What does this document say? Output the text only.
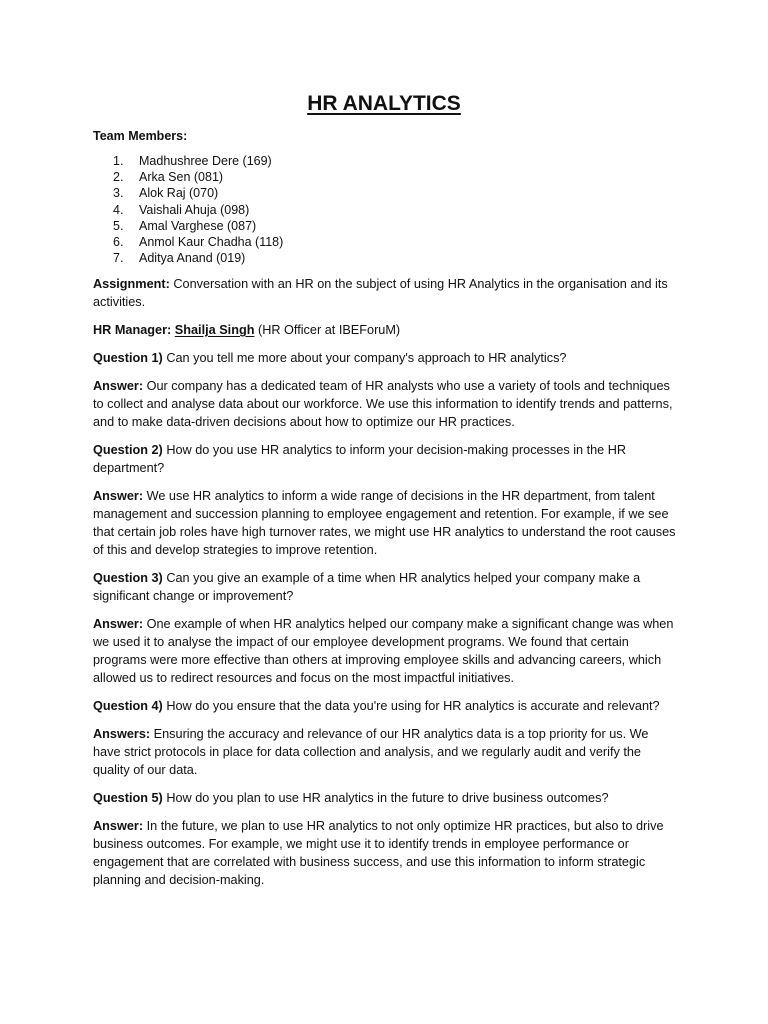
HR ANALYTICS
Team Members:
1.	Madhushree Dere (169)
2.	Arka Sen (081)
3.	Alok Raj (070)
4.	Vaishali Ahuja (098)
5.	Amal Varghese (087)
6.	Anmol Kaur Chadha (118)
7.	Aditya Anand (019)

Assignment: Conversation with an HR on the subject of using HR Analytics in the organisation and its activities.

HR Manager: Shailja Singh (HR Officer at IBEForuM)

Question 1) Can you tell me more about your company's approach to HR analytics?

Answer: Our company has a dedicated team of HR analysts who use a variety of tools and techniques to collect and analyse data about our workforce. We use this information to identify trends and patterns, and to make data-driven decisions about how to optimize our HR practices.

Question 2) How do you use HR analytics to inform your decision-making processes in the HR department?

Answer: We use HR analytics to inform a wide range of decisions in the HR department, from talent management and succession planning to employee engagement and retention. For example, if we see that certain job roles have high turnover rates, we might use HR analytics to understand the root causes of this and develop strategies to improve retention.

Question 3) Can you give an example of a time when HR analytics helped your company make a significant change or improvement?

Answer: One example of when HR analytics helped our company make a significant change was when we used it to analyse the impact of our employee development programs. We found that certain programs were more effective than others at improving employee skills and advancing careers, which allowed us to redirect resources and focus on the most impactful initiatives.

Question 4) How do you ensure that the data you're using for HR analytics is accurate and relevant?

Answers: Ensuring the accuracy and relevance of our HR analytics data is a top priority for us. We have strict protocols in place for data collection and analysis, and we regularly audit and verify the quality of our data.

Question 5) How do you plan to use HR analytics in the future to drive business outcomes?

Answer: In the future, we plan to use HR analytics to not only optimize HR practices, but also to drive business outcomes. For example, we might use it to identify trends in employee performance or engagement that are correlated with business success, and use this information to inform strategic planning and decision-making.
